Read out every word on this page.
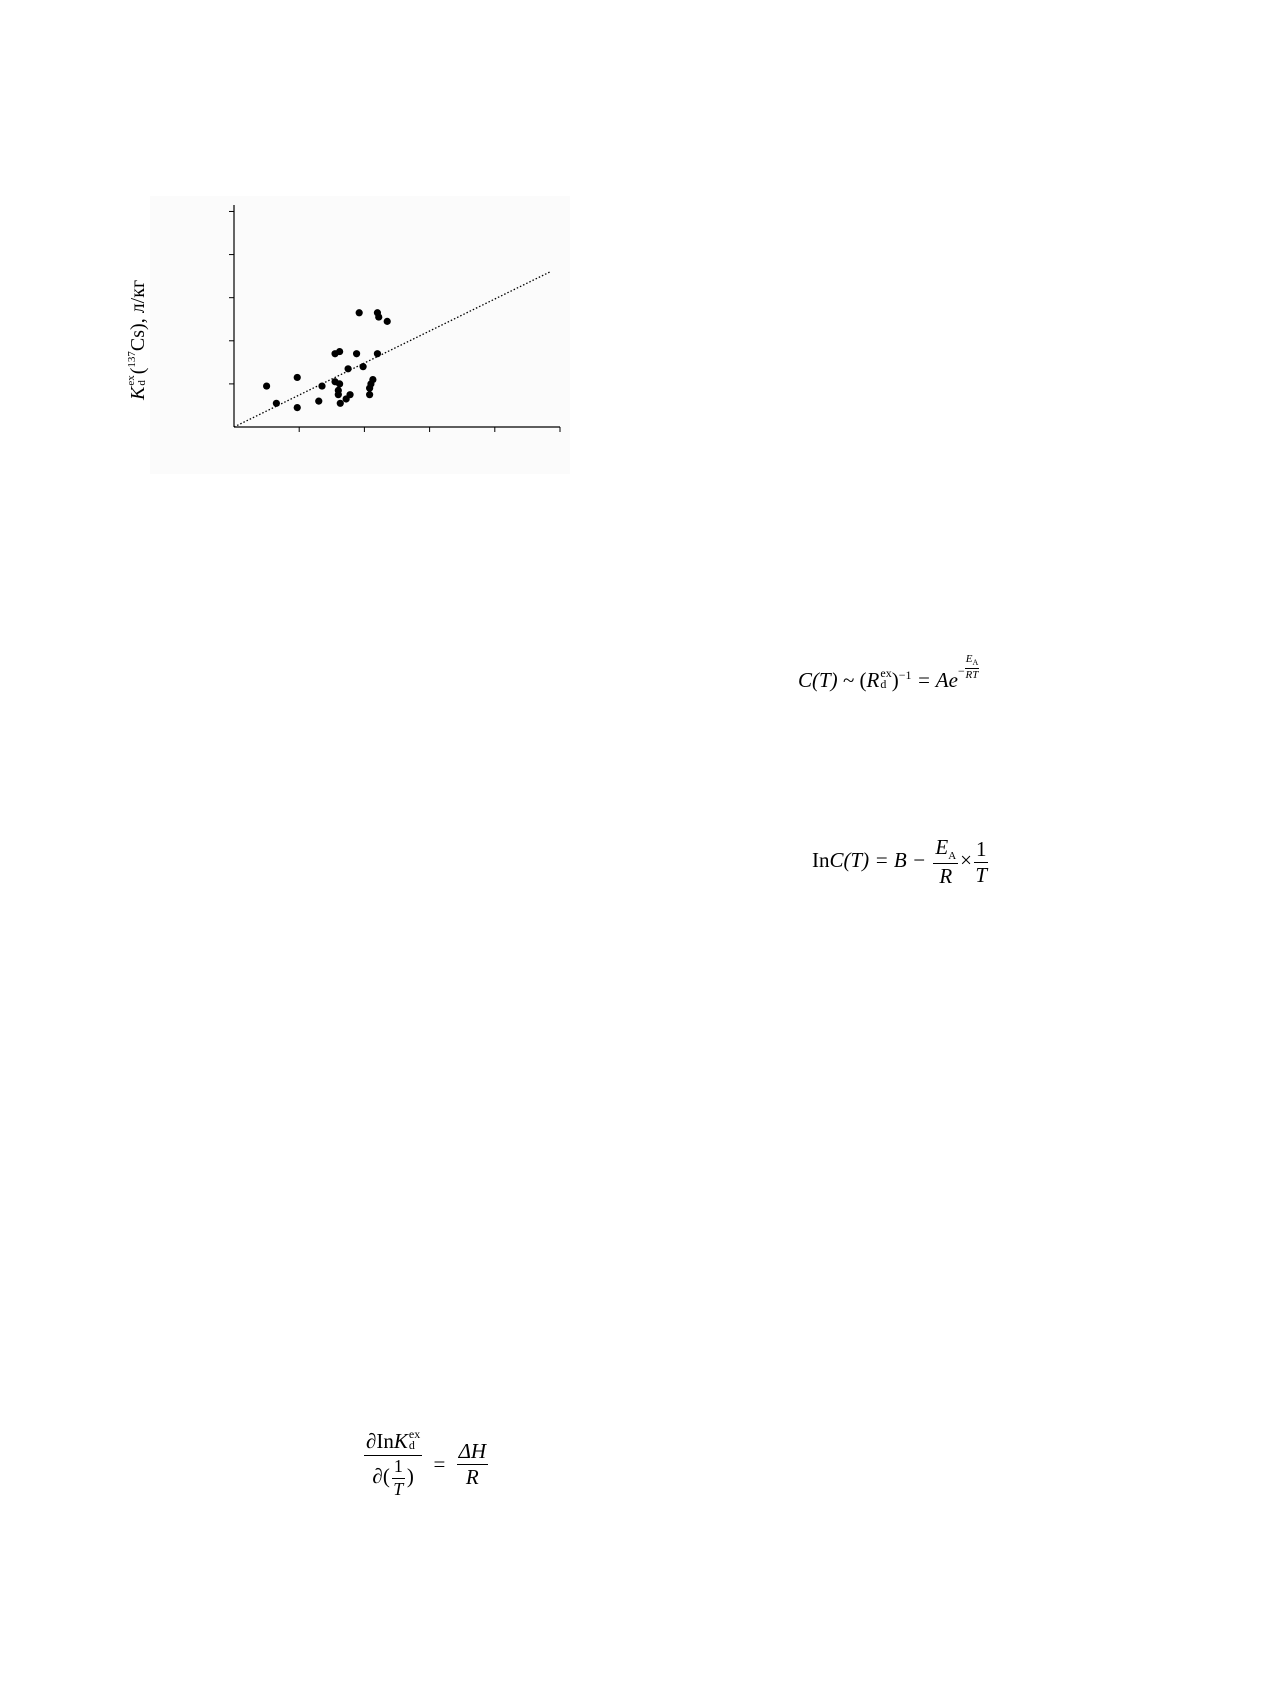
Kex
d($^{137}$Cs), л/кг
C(T) ~ (R ex
d )$^{-1} = Ae^- \frac{E_A}{RT}$
$InC(T) = B - \frac{E_A}{R} \times \frac{1}{T}$
∂InK ex
d
∂( $\frac{1}{T}$ ) = $\frac{\Delta H}{R}$
